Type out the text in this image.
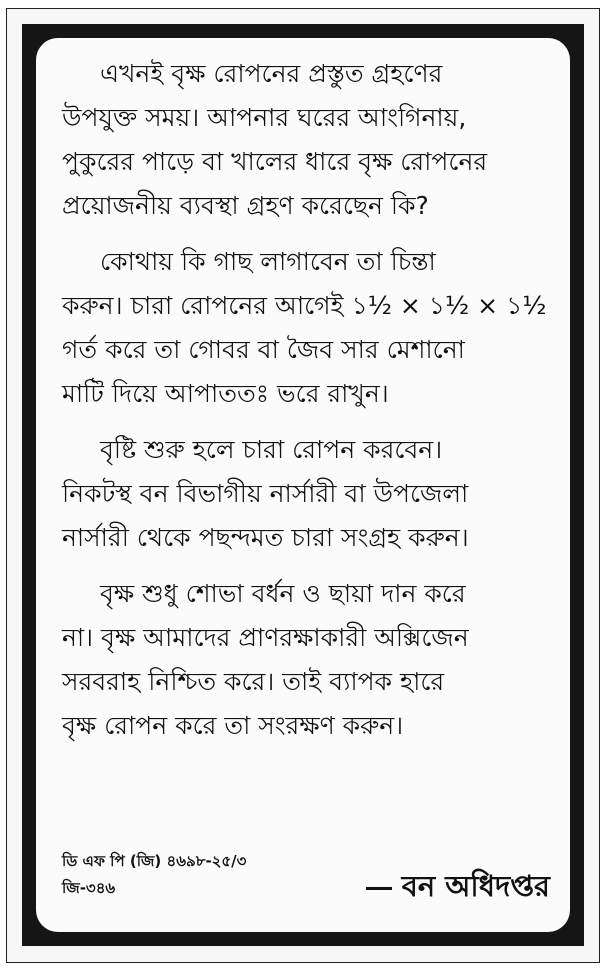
এখনই বৃক্ষ রোপনের প্রস্তুত গ্রহণের
উপযুক্ত সময়। আপনার ঘরের আংগিনায়,
পুকুরের পাড়ে বা খালের ধারে বৃক্ষ রোপনের
প্রয়োজনীয় ব্যবস্থা গ্রহণ করেছেন কি?

কোথায় কি গাছ লাগাবেন তা চিন্তা
করুন। চারা রোপনের আগেই ১½ × ১½ × ১½
গর্ত করে তা গোবর বা জৈব সার মেশানো
মাটি দিয়ে আপাততঃ ভরে রাখুন।

বৃষ্টি শুরু হলে চারা রোপন করবেন।
নিকটস্থ বন বিভাগীয় নার্সারী বা উপজেলা
নার্সারী থেকে পছন্দমত চারা সংগ্রহ করুন।

বৃক্ষ শুধু শোভা বর্ধন ও ছায়া দান করে
না। বৃক্ষ আমাদের প্রাণরক্ষাকারী অক্সিজেন
সরবরাহ নিশ্চিত করে। তাই ব্যাপক হারে
বৃক্ষ রোপন করে তা সংরক্ষণ করুন।

ডি এফ পি (জি) ৪৬৯৮-২৫/৩
জি-৩৪৬	বন অধিদপ্তর
